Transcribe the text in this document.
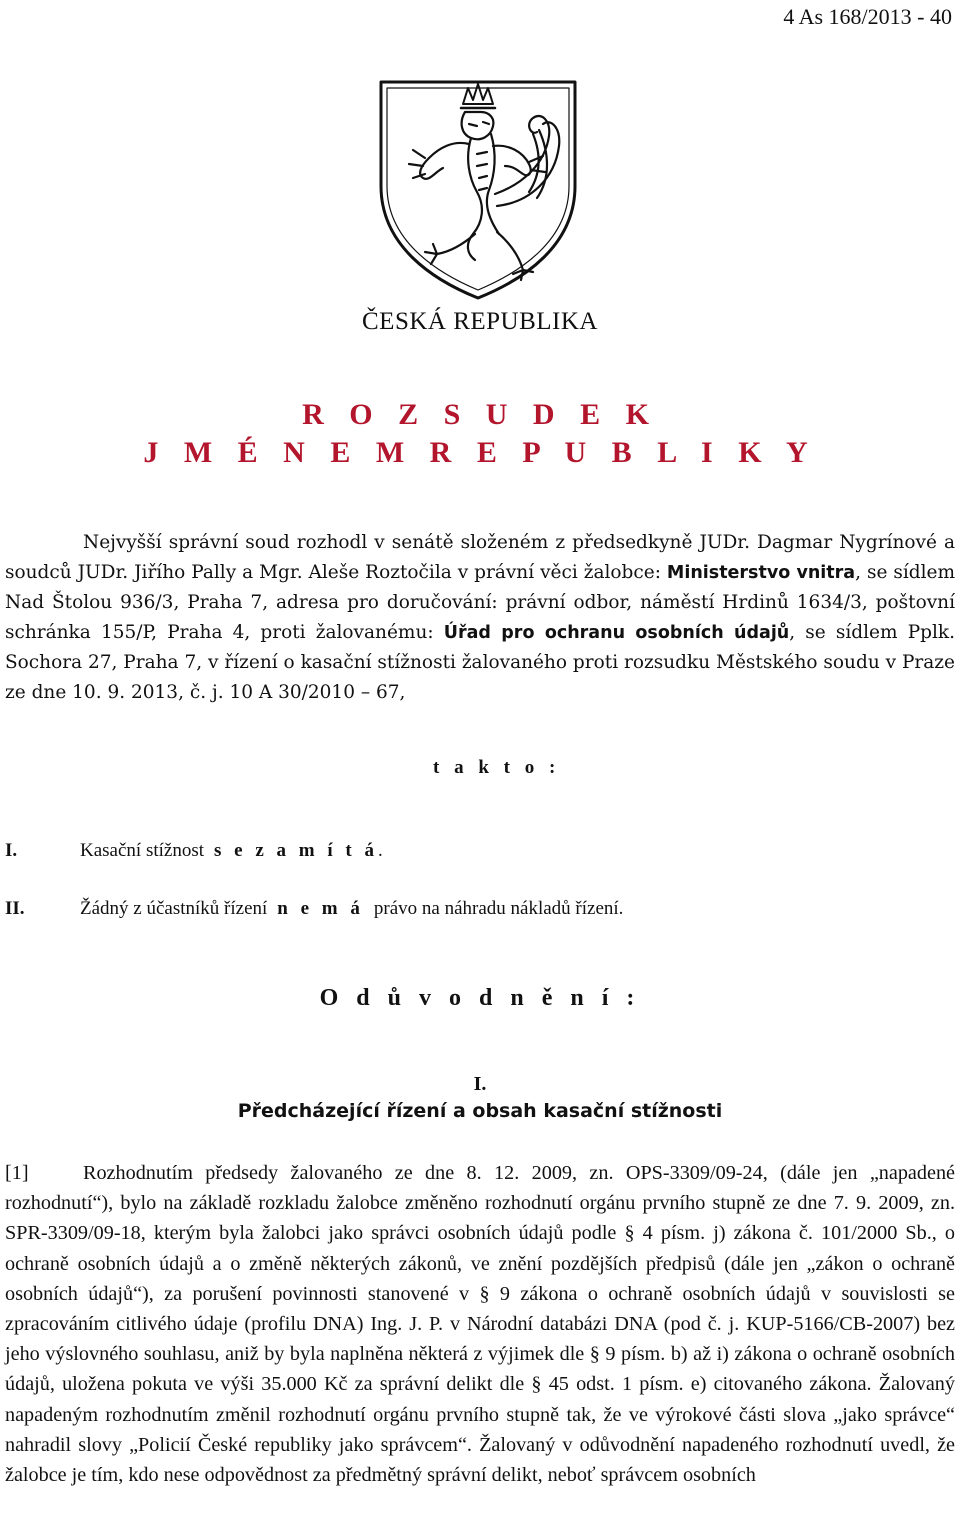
4 As 168/2013 - 40
ČESKÁ REPUBLIKA
R O Z S U D E K
J M É N E M R E P U B L I K Y
Nejvyšší správní soud rozhodl v senátě složeném z předsedkyně JUDr. Dagmar Nygrínové a soudců JUDr. Jiřího Pally a Mgr. Aleše Roztočila v právní věci žalobce: Ministerstvo vnitra, se sídlem Nad Štolou 936/3, Praha 7, adresa pro doručování: právní odbor, náměstí Hrdinů 1634/3, poštovní schránka 155/P, Praha 4, proti žalovanému: Úřad pro ochranu osobních údajů, se sídlem Pplk. Sochora 27, Praha 7, v řízení o kasační stížnosti žalovaného proti rozsudku Městského soudu v Praze ze dne 10. 9. 2013, č. j. 10 A 30/2010 – 67,
t a k t o :
I.	Kasační stížnost s e z a m í t á.
II.	Žádný z účastníků řízení n e m á právo na náhradu nákladů řízení.
O d ů v o d n ě n í :
I.
Předcházející řízení a obsah kasační stížnosti
[1]	Rozhodnutím předsedy žalovaného ze dne 8. 12. 2009, zn. OPS-3309/09-24, (dále jen „napadené rozhodnutí“), bylo na základě rozkladu žalobce změněno rozhodnutí orgánu prvního stupně ze dne 7. 9. 2009, zn. SPR-3309/09-18, kterým byla žalobci jako správci osobních údajů podle § 4 písm. j) zákona č. 101/2000 Sb., o ochraně osobních údajů a o změně některých zákonů, ve znění pozdějších předpisů (dále jen „zákon o ochraně osobních údajů“), za porušení povinnosti stanovené v § 9 zákona o ochraně osobních údajů v souvislosti se zpracováním citlivého údaje (profilu DNA) Ing. J. P. v Národní databázi DNA (pod č. j. KUP-5166/CB-2007) bez jeho výslovného souhlasu, aniž by byla naplněna některá z výjimek dle § 9 písm. b) až i) zákona o ochraně osobních údajů, uložena pokuta ve výši 35.000 Kč za správní delikt dle § 45 odst. 1 písm. e) citovaného zákona. Žalovaný napadeným rozhodnutím změnil rozhodnutí orgánu prvního stupně tak, že ve výrokové části slova „jako správce“ nahradil slovy „Policií České republiky jako správcem“. Žalovaný v odůvodnění napadeného rozhodnutí uvedl, že žalobce je tím, kdo nese odpovědnost za předmětný správní delikt, neboť správcem osobních
